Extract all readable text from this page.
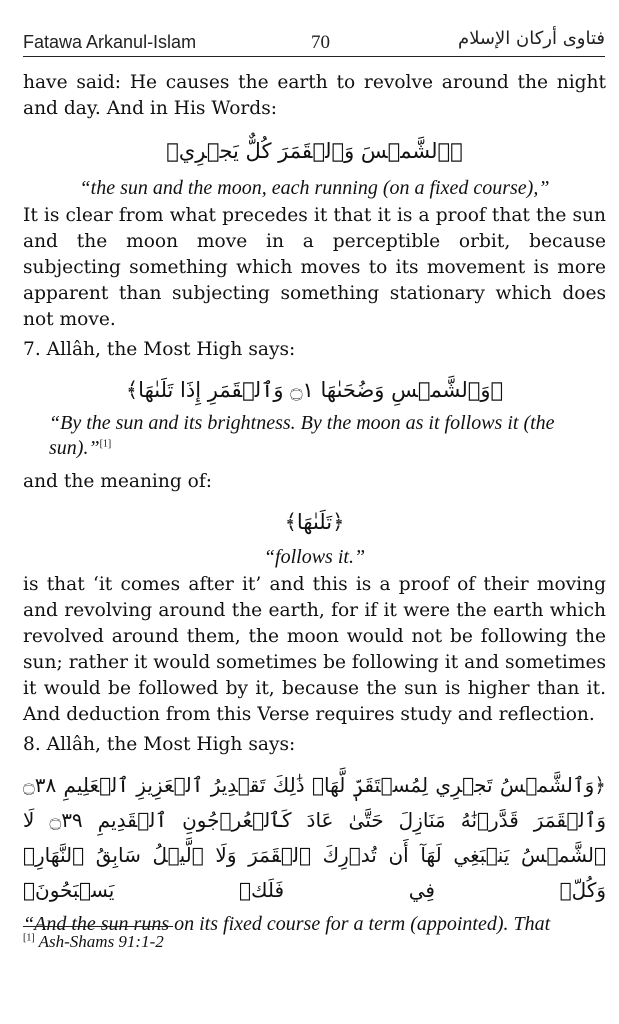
Fatawa Arkanul-Islam	70	فتاوى أركان الإسلام

have said: He causes the earth to revolve around the night and day. And in His Words:

﴿ٱلشَّمۡسَ وَٱلۡقَمَرَ كُلٌّ يَجۡرِي﴾

“the sun and the moon, each running (on a fixed course),”

It is clear from what precedes it that it is a proof that the sun and the moon move in a perceptible orbit, because subjecting something which moves to its movement is more apparent than subjecting something stationary which does not move.

7. Allâh, the Most High says:

﴿وَٱلشَّمۡسِ وَضُحَىٰهَا ۝١ وَٱلۡقَمَرِ إِذَا تَلَىٰهَا﴾

“By the sun and its brightness. By the moon as it follows it (the sun).”[1]

and the meaning of:

﴿تَلَىٰهَا﴾

“follows it.”

is that ‘it comes after it’ and this is a proof of their moving and revolving around the earth, for if it were the earth which revolved around them, the moon would not be following the sun; rather it would sometimes be following it and sometimes it would be followed by it, because the sun is higher than it. And deduction from this Verse requires study and reflection.

8. Allâh, the Most High says:

﴿وَٱلشَّمۡسُ تَجۡرِي لِمُسۡتَقَرّٖ لَّهَاۚ ذَٰلِكَ تَقۡدِيرُ ٱلۡعَزِيزِ ٱلۡعَلِيمِ ۝٣٨ وَٱلۡقَمَرَ قَدَّرۡنَٰهُ مَنَازِلَ حَتَّىٰ عَادَ كَٱلۡعُرۡجُونِ ٱلۡقَدِيمِ ۝٣٩ لَا ٱلشَّمۡسُ يَنۢبَغِي لَهَآ أَن تُدۡرِكَ ٱلۡقَمَرَ وَلَا ٱلَّيۡلُ سَابِقُ ٱلنَّهَارِۚ وَكُلّٞ فِي فَلَكٖ يَسۡبَحُونَ﴾

“And the sun runs on its fixed course for a term (appointed). That

[1] Ash-Shams 91:1-2
